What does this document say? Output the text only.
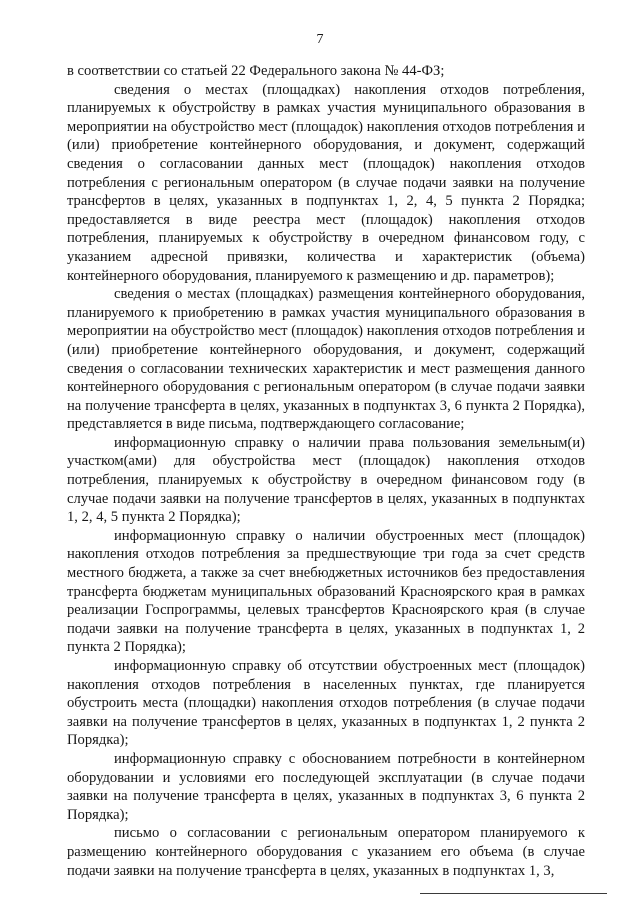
7

в соответствии со статьей 22 Федерального закона № 44-ФЗ;

сведения о местах (площадках) накопления отходов потребления, планируемых к обустройству в рамках участия муниципального образования в мероприятии на обустройство мест (площадок) накопления отходов потребления и (или) приобретение контейнерного оборудования, и документ, содержащий сведения о согласовании данных мест (площадок) накопления отходов потребления с региональным оператором (в случае подачи заявки на получение трансфертов в целях, указанных в подпунктах 1, 2, 4, 5 пункта 2 Порядка; предоставляется в виде реестра мест (площадок) накопления отходов потребления, планируемых к обустройству в очередном финансовом году, с указанием адресной привязки, количества и характеристик (объема) контейнерного оборудования, планируемого к размещению и др. параметров);

сведения о местах (площадках) размещения контейнерного оборудования, планируемого к приобретению в рамках участия муниципального образования в мероприятии на обустройство мест (площадок) накопления отходов потребления и (или) приобретение контейнерного оборудования, и документ, содержащий сведения о согласовании технических характеристик и мест размещения данного контейнерного оборудования с региональным оператором (в случае подачи заявки на получение трансферта в целях, указанных в подпунктах 3, 6 пункта 2 Порядка), представляется в виде письма, подтверждающего согласование;

информационную справку о наличии права пользования земельным(и) участком(ами) для обустройства мест (площадок) накопления отходов потребления, планируемых к обустройству в очередном финансовом году (в случае подачи заявки на получение трансфертов в целях, указанных в подпунктах 1, 2, 4, 5 пункта 2 Порядка);

информационную справку о наличии обустроенных мест (площадок) накопления отходов потребления за предшествующие три года за счет средств местного бюджета, а также за счет внебюджетных источников без предоставления трансферта бюджетам муниципальных образований Красноярского края в рамках реализации Госпрограммы, целевых трансфертов Красноярского края (в случае подачи заявки на получение трансферта в целях, указанных в подпунктах 1, 2 пункта 2 Порядка);

информационную справку об отсутствии обустроенных мест (площадок) накопления отходов потребления в населенных пунктах, где планируется обустроить места (площадки) накопления отходов потребления (в случае подачи заявки на получение трансфертов в целях, указанных в подпунктах 1, 2 пункта 2 Порядка);

информационную справку с обоснованием потребности в контейнерном оборудовании и условиями его последующей эксплуатации (в случае подачи заявки на получение трансферта в целях, указанных в подпунктах 3, 6 пункта 2 Порядка);

письмо о согласовании с региональным оператором планируемого к размещению контейнерного оборудования с указанием его объема (в случае подачи заявки на получение трансферта в целях, указанных в подпунктах 1, 3,
